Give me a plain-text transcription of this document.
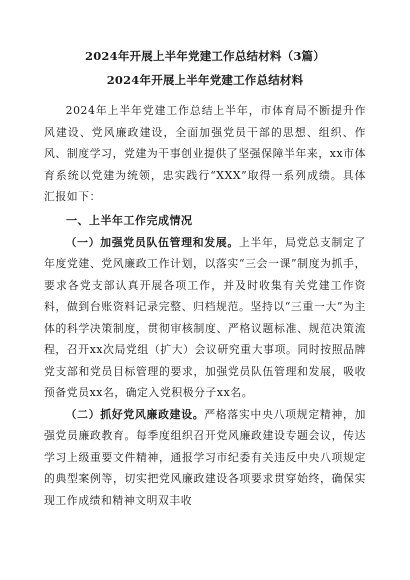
2024年开展上半年党建工作总结材料（3篇）

2024年开展上半年党建工作总结材料

2024年上半年党建工作总结上半年，市体育局不断提升作风建设、党风廉政建设，全面加强党员干部的思想、组织、作风、制度学习，党建为干事创业提供了坚强保障半年来，xx市体育系统以党建为统领，忠实践行“XXX”取得一系列成绩。具体汇报如下：

一、上半年工作完成情况

（一）加强党员队伍管理和发展。上半年，局党总支制定了年度党建、党风廉政工作计划，以落实“三会一课”制度为抓手，要求各党支部认真开展各项工作，并及时收集有关党建工作资料，做到台账资料记录完整、归档规范。坚持以“三重一大”为主体的科学决策制度，贯彻审核制度、严格议题标准、规范决策流程，召开xx次局党组（扩大）会议研究重大事项。同时按照品牌党支部和党员目标管理的要求，加强党员队伍管理和发展，吸收预备党员xx名，确定入党积极分子xx名。

（二）抓好党风廉政建设。严格落实中央八项规定精神，加强党员廉政教育。每季度组织召开党风廉政建设专题会议，传达学习上级重要文件精神，通报学习市纪委有关违反中央八项规定的典型案例等，切实把党风廉政建设各项要求贯穿始终，确保实现工作成绩和精神文明双丰收
